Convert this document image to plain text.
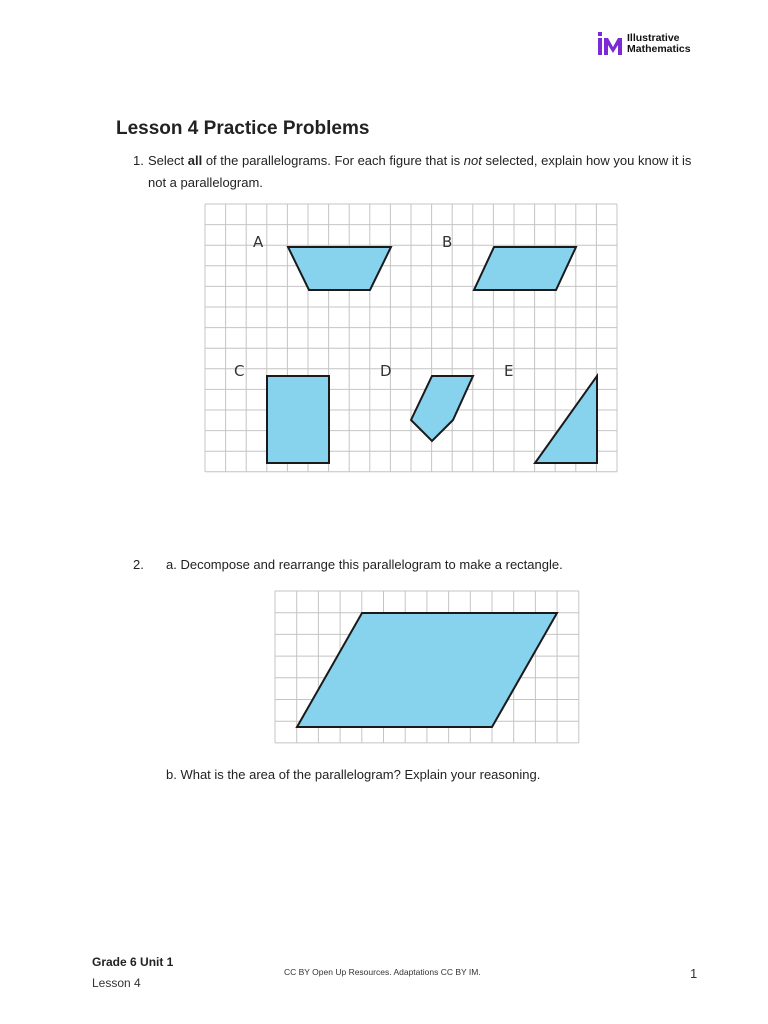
Illustrative
Mathematics
Lesson 4 Practice Problems
1. Select all of the parallelograms. For each figure that is not selected, explain how you know it is not a parallelogram.
A	B
C	D	E
2. a. Decompose and rearrange this parallelogram to make a rectangle.
b. What is the area of the parallelogram? Explain your reasoning.
Grade 6 Unit 1
Lesson 4
CC BY Open Up Resources. Adaptations CC BY IM.	1
